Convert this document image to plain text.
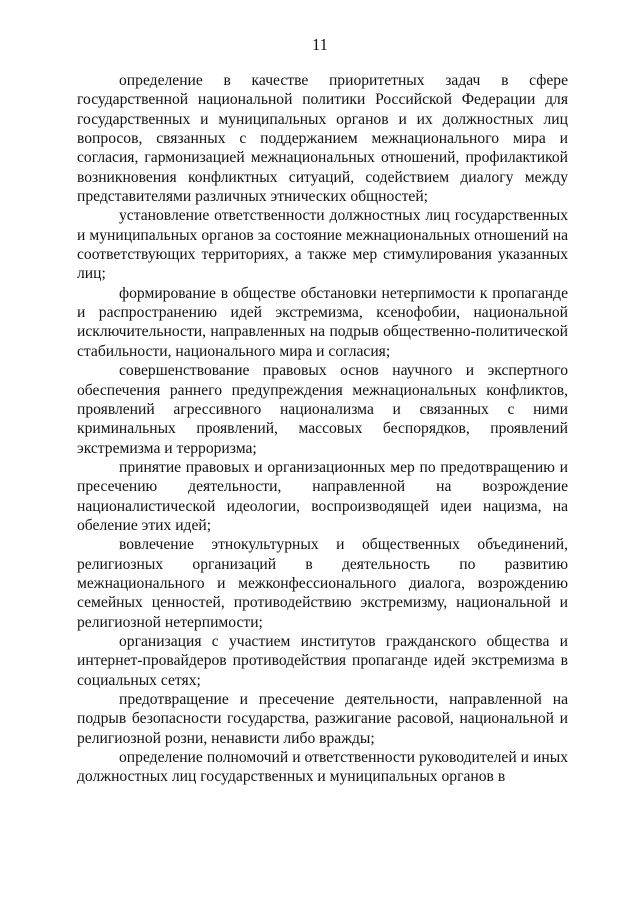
11

определение в качестве приоритетных задач в сфере государственной национальной политики Российской Федерации для государственных и муниципальных органов и их должностных лиц вопросов, связанных с поддержанием межнационального мира и согласия, гармонизацией межнациональных отношений, профилактикой возникновения конфликтных ситуаций, содействием диалогу между представителями различных этнических общностей;

установление ответственности должностных лиц государственных и муниципальных органов за состояние межнациональных отношений на соответствующих территориях, а также мер стимулирования указанных лиц;

формирование в обществе обстановки нетерпимости к пропаганде и распространению идей экстремизма, ксенофобии, национальной исключительности, направленных на подрыв общественно-политической стабильности, национального мира и согласия;

совершенствование правовых основ научного и экспертного обеспечения раннего предупреждения межнациональных конфликтов, проявлений агрессивного национализма и связанных с ними криминальных проявлений, массовых беспорядков, проявлений экстремизма и терроризма;

принятие правовых и организационных мер по предотвращению и пресечению деятельности, направленной на возрождение националистической идеологии, воспроизводящей идеи нацизма, на обеление этих идей;

вовлечение этнокультурных и общественных объединений, религиозных организаций в деятельность по развитию межнационального и межконфессионального диалога, возрождению семейных ценностей, противодействию экстремизму, национальной и религиозной нетерпимости;

организация с участием институтов гражданского общества и интернет-провайдеров противодействия пропаганде идей экстремизма в социальных сетях;

предотвращение и пресечение деятельности, направленной на подрыв безопасности государства, разжигание расовой, национальной и религиозной розни, ненависти либо вражды;

определение полномочий и ответственности руководителей и иных должностных лиц государственных и муниципальных органов в
